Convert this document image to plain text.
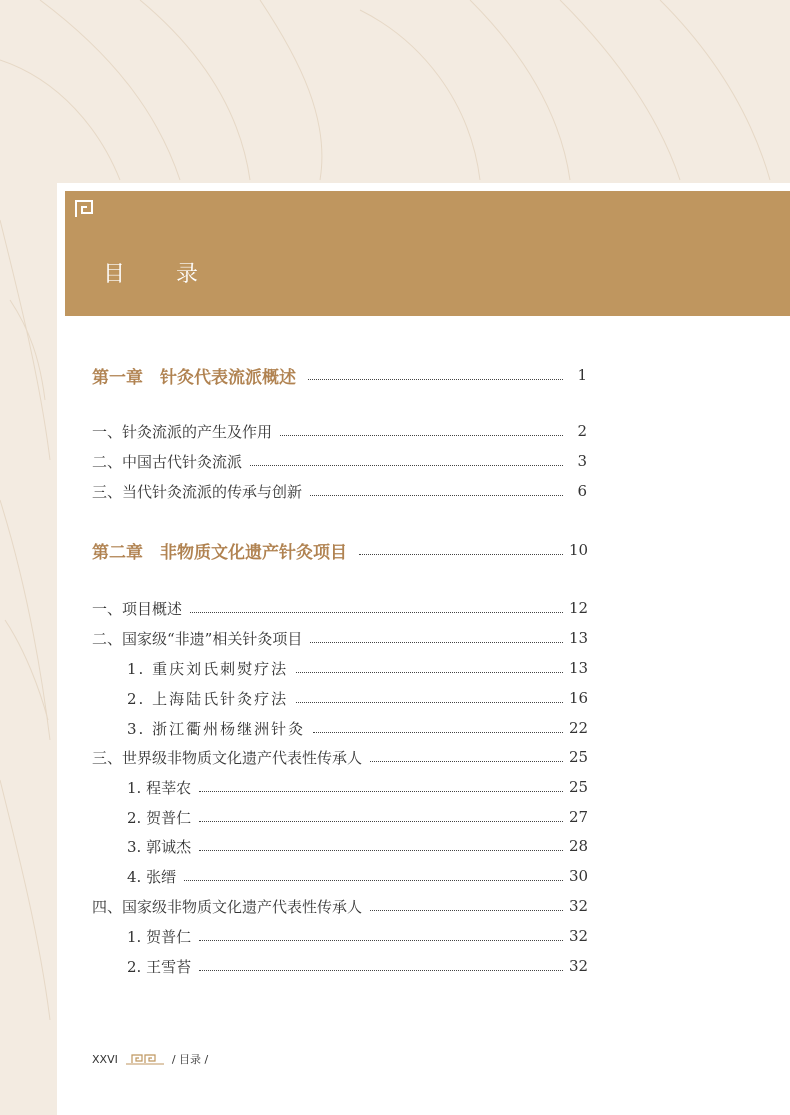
目 录
第一章　针灸代表流派概述	1
一、针灸流派的产生及作用	2
二、中国古代针灸流派	3
三、当代针灸流派的传承与创新	6
第二章　非物质文化遗产针灸项目	10
一、项目概述	12
二、国家级“非遗”相关针灸项目	13
1. 重庆刘氏刺熨疗法	13
2. 上海陆氏针灸疗法	16
3. 浙江衢州杨继洲针灸	22
三、世界级非物质文化遗产代表性传承人	25
1. 程莘农	25
2. 贺普仁	27
3. 郭诚杰	28
4. 张缙	30
四、国家级非物质文化遗产代表性传承人	32
1. 贺普仁	32
2. 王雪苔	32
XXVI	/ 目录 /
